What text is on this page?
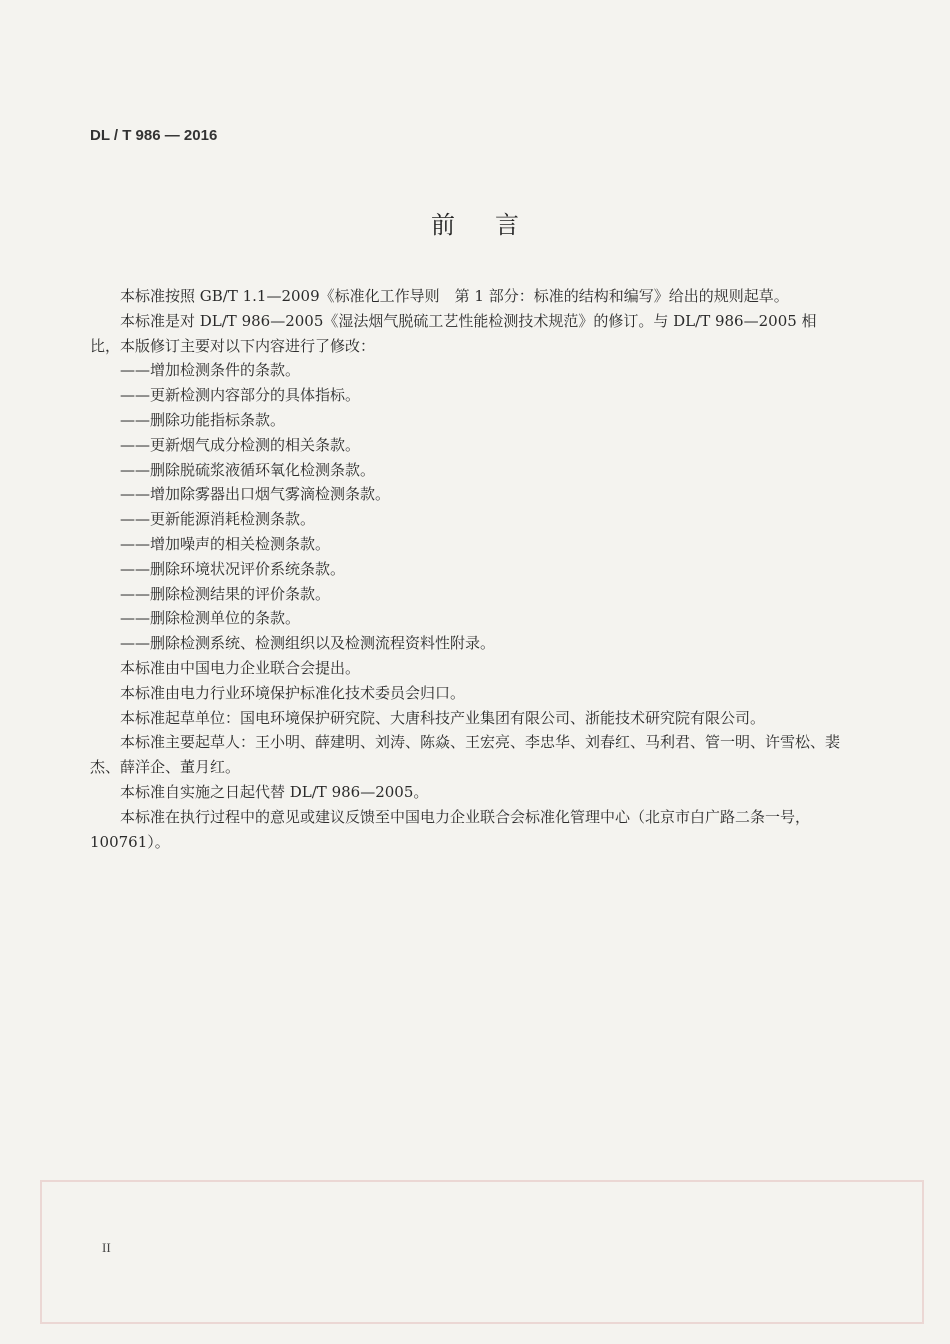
DL / T 986 — 2016
前言

本标准按照 GB/T 1.1—2009《标准化工作导则　第 1 部分：标准的结构和编写》给出的规则起草。

本标准是对 DL/T 986—2005《湿法烟气脱硫工艺性能检测技术规范》的修订。与 DL/T 986—2005 相比，本版修订主要对以下内容进行了修改：

——增加检测条件的条款。

——更新检测内容部分的具体指标。

——删除功能指标条款。

——更新烟气成分检测的相关条款。

——删除脱硫浆液循环氧化检测条款。

——增加除雾器出口烟气雾滴检测条款。

——更新能源消耗检测条款。

——增加噪声的相关检测条款。

——删除环境状况评价系统条款。

——删除检测结果的评价条款。

——删除检测单位的条款。

——删除检测系统、检测组织以及检测流程资料性附录。

本标准由中国电力企业联合会提出。

本标准由电力行业环境保护标准化技术委员会归口。

本标准起草单位：国电环境保护研究院、大唐科技产业集团有限公司、浙能技术研究院有限公司。

本标准主要起草人：王小明、薛建明、刘涛、陈焱、王宏亮、李忠华、刘春红、马利君、管一明、许雪松、裴杰、薛洋企、董月红。

本标准自实施之日起代替 DL/T 986—2005。

本标准在执行过程中的意见或建议反馈至中国电力企业联合会标准化管理中心（北京市白广路二条一号，100761）。

II
